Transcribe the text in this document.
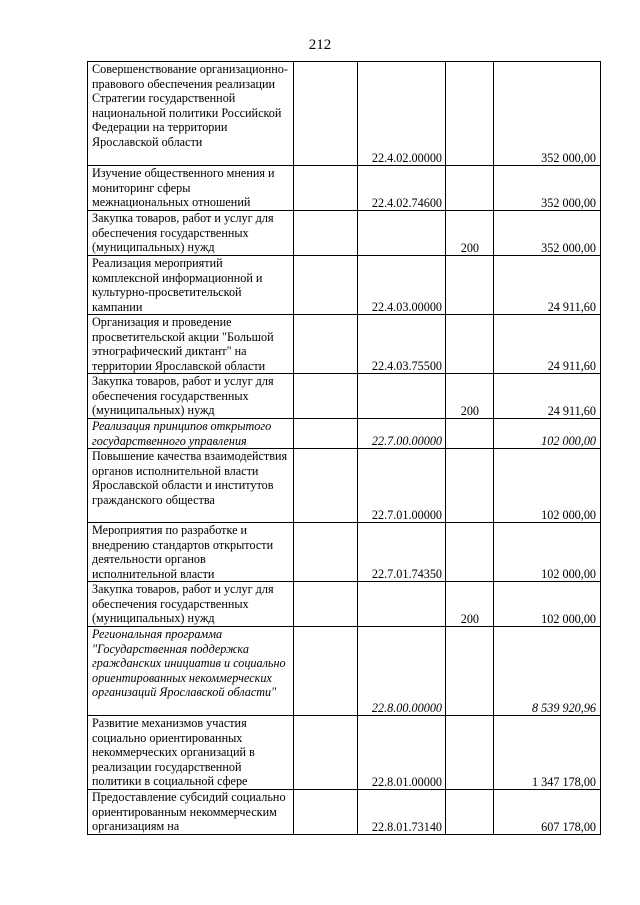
212
Совершенствование организационно-правового обеспечения реализации Стратегии государственной национальной политики Российской Федерации на территории Ярославской области		22.4.02.00000		352 000,00
Изучение общественного мнения и мониторинг сферы межнациональных отношений		22.4.02.74600		352 000,00
Закупка товаров, работ и услуг для обеспечения государственных (муниципальных) нужд			200	352 000,00
Реализация мероприятий комплексной информационной и культурно-просветительской кампании		22.4.03.00000		24 911,60
Организация и проведение просветительской акции "Большой этнографический диктант" на территории Ярославской области		22.4.03.75500		24 911,60
Закупка товаров, работ и услуг для обеспечения государственных (муниципальных) нужд			200	24 911,60
Реализация принципов открытого государственного управления		22.7.00.00000		102 000,00
Повышение качества взаимодействия органов исполнительной власти Ярославской области и институтов гражданского общества		22.7.01.00000		102 000,00
Мероприятия по разработке и внедрению стандартов открытости деятельности органов исполнительной власти		22.7.01.74350		102 000,00
Закупка товаров, работ и услуг для обеспечения государственных (муниципальных) нужд			200	102 000,00
Региональная программа "Государственная поддержка гражданских инициатив и социально ориентированных некоммерческих организаций Ярославской области"		22.8.00.00000		8 539 920,96
Развитие механизмов участия социально ориентированных некоммерческих организаций в реализации государственной политики в социальной сфере		22.8.01.00000		1 347 178,00
Предоставление субсидий социально ориентированным некоммерческим организациям на		22.8.01.73140		607 178,00
